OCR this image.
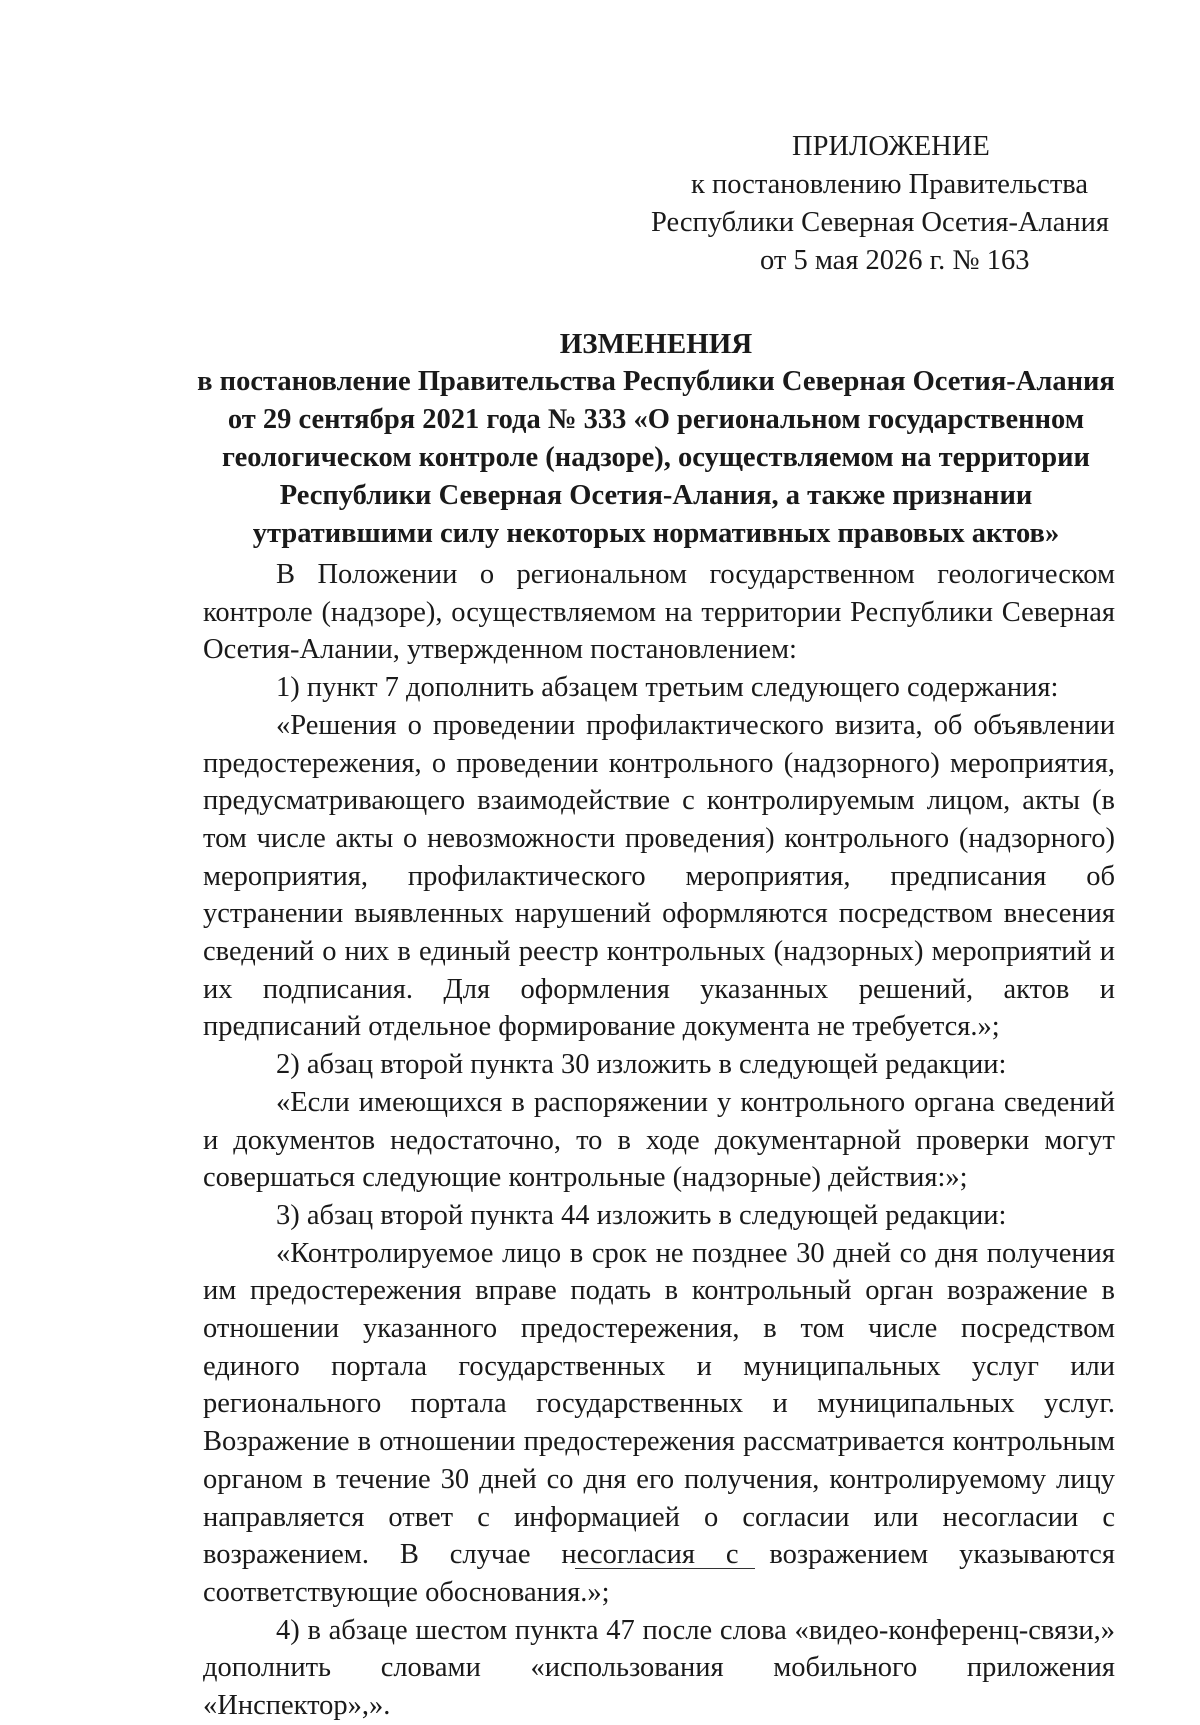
ПРИЛОЖЕНИЕ
к постановлению Правительства
Республики Северная Осетия-Алания
от 5 мая 2026 г. № 163
ИЗМЕНЕНИЯ
в постановление Правительства Республики Северная Осетия-Алания
от 29 сентября 2021 года № 333 «О региональном государственном
геологическом контроле (надзоре), осуществляемом на территории
Республики Северная Осетия-Алания, а также признании
утратившими силу некоторых нормативных правовых актов»

В Положении о региональном государственном геологическом контроле (надзоре), осуществляемом на территории Республики Северная Осетия-Алании, утвержденном постановлением:

1) пункт 7 дополнить абзацем третьим следующего содержания:

«Решения о проведении профилактического визита, об объявлении предостережения, о проведении контрольного (надзорного) мероприятия, предусматривающего взаимодействие с контролируемым лицом, акты (в том числе акты о невозможности проведения) контрольного (надзорного) мероприятия, профилактического мероприятия, предписания об устранении выявленных нарушений оформляются посредством внесения сведений о них в единый реестр контрольных (надзорных) мероприятий и их подписания. Для оформления указанных решений, актов и предписаний отдельное формирование документа не требуется.»;

2) абзац второй пункта 30 изложить в следующей редакции:

«Если имеющихся в распоряжении у контрольного органа сведений и документов недостаточно, то в ходе документарной проверки могут совершаться следующие контрольные (надзорные) действия:»;

3) абзац второй пункта 44 изложить в следующей редакции:

«Контролируемое лицо в срок не позднее 30 дней со дня получения им предостережения вправе подать в контрольный орган возражение в отношении указанного предостережения, в том числе посредством единого портала государственных и муниципальных услуг или регионального портала государственных и муниципальных услуг. Возражение в отношении предостережения рассматривается контрольным органом в течение 30 дней со дня его получения, контролируемому лицу направляется ответ с информацией о согласии или несогласии с возражением. В случае несогласия с возражением указываются соответствующие обоснования.»;

4) в абзаце шестом пункта 47 после слова «видео-конференц-связи,» дополнить словами «использования мобильного приложения

«Инспектор»,».
